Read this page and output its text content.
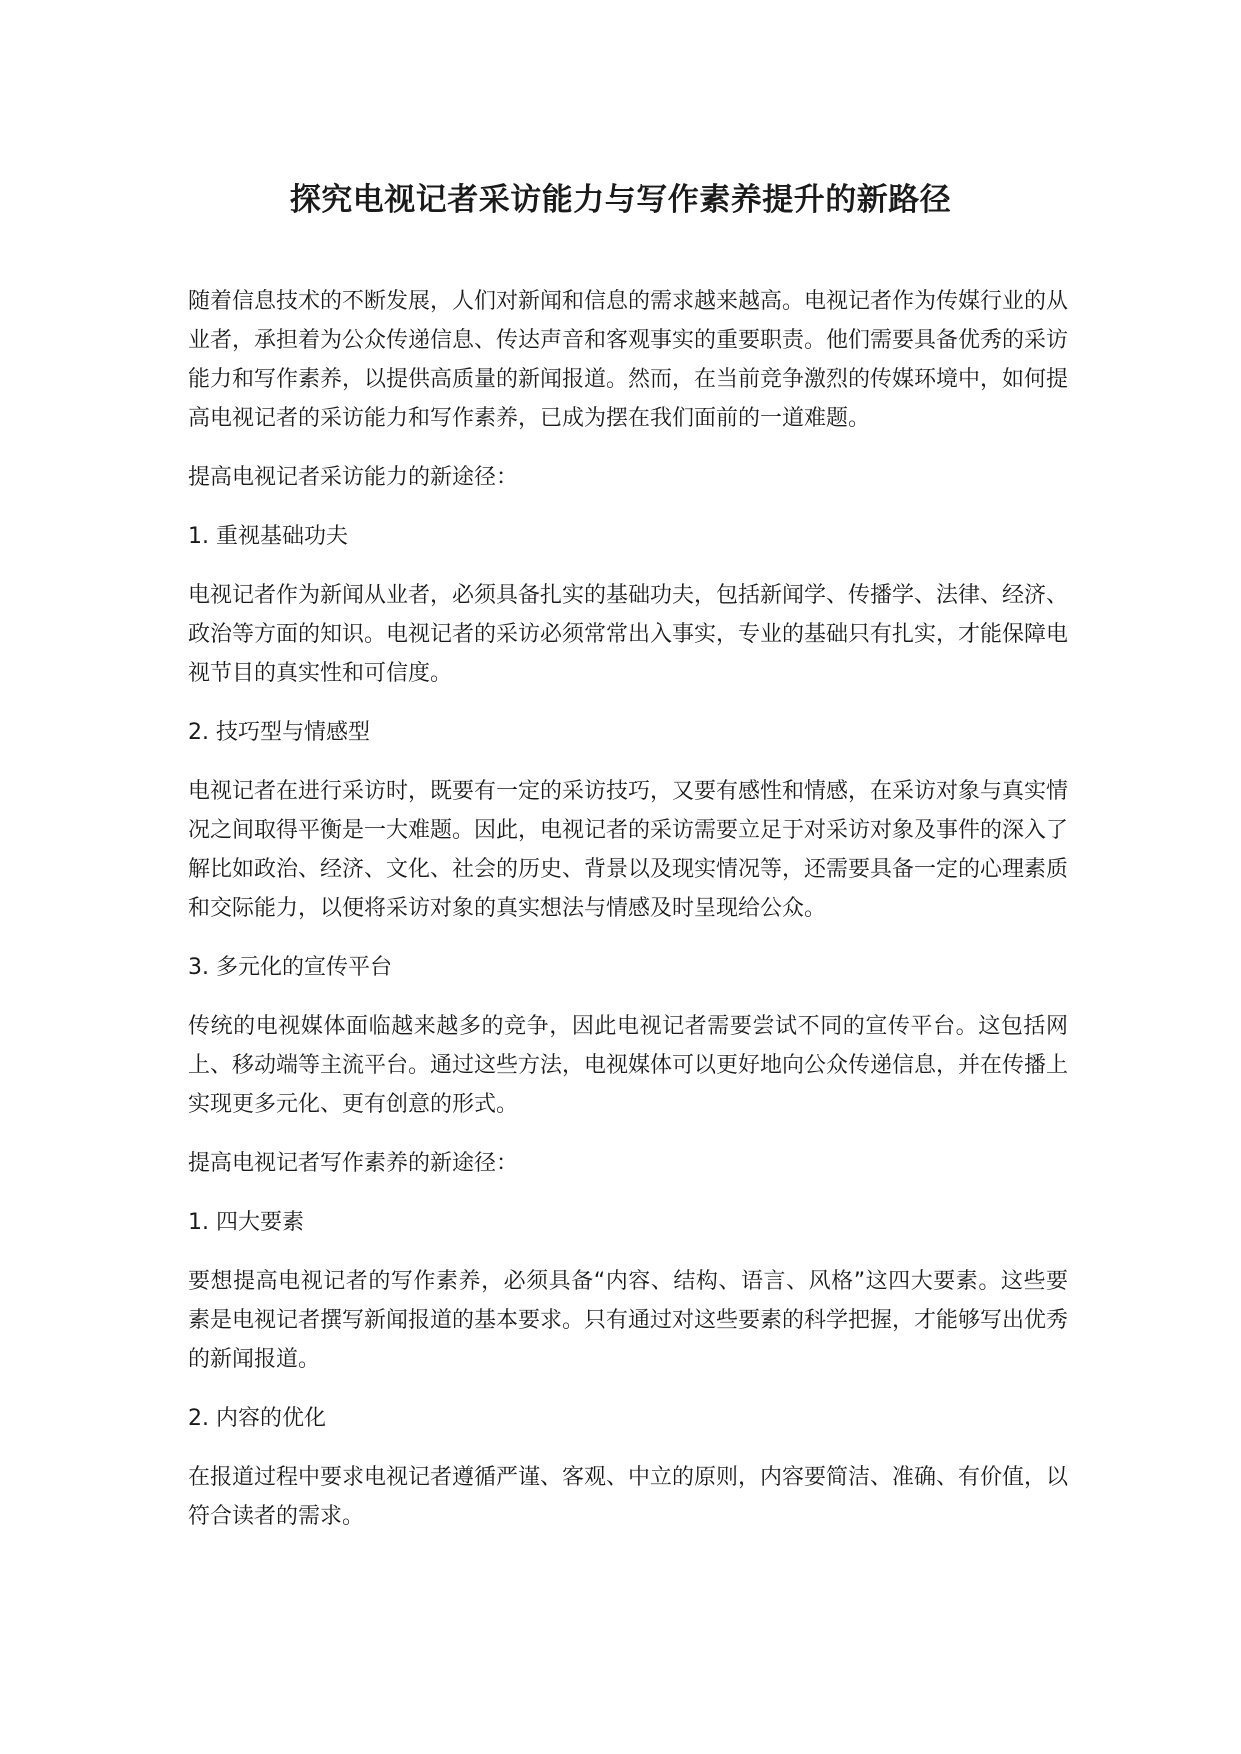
探究电视记者采访能力与写作素养提升的新路径

随着信息技术的不断发展，人们对新闻和信息的需求越来越高。电视记者作为传媒行业的从业者，承担着为公众传递信息、传达声音和客观事实的重要职责。他们需要具备优秀的采访能力和写作素养，以提供高质量的新闻报道。然而，在当前竞争激烈的传媒环境中，如何提高电视记者的采访能力和写作素养，已成为摆在我们面前的一道难题。

提高电视记者采访能力的新途径：

1. 重视基础功夫

电视记者作为新闻从业者，必须具备扎实的基础功夫，包括新闻学、传播学、法律、经济、政治等方面的知识。电视记者的采访必须常常出入事实，专业的基础只有扎实，才能保障电视节目的真实性和可信度。

2. 技巧型与情感型

电视记者在进行采访时，既要有一定的采访技巧，又要有感性和情感，在采访对象与真实情况之间取得平衡是一大难题。因此，电视记者的采访需要立足于对采访对象及事件的深入了解比如政治、经济、文化、社会的历史、背景以及现实情况等，还需要具备一定的心理素质和交际能力，以便将采访对象的真实想法与情感及时呈现给公众。

3. 多元化的宣传平台

传统的电视媒体面临越来越多的竞争，因此电视记者需要尝试不同的宣传平台。这包括网上、移动端等主流平台。通过这些方法，电视媒体可以更好地向公众传递信息，并在传播上实现更多元化、更有创意的形式。

提高电视记者写作素养的新途径：

1. 四大要素

要想提高电视记者的写作素养，必须具备“内容、结构、语言、风格”这四大要素。这些要素是电视记者撰写新闻报道的基本要求。只有通过对这些要素的科学把握，才能够写出优秀的新闻报道。

2. 内容的优化

在报道过程中要求电视记者遵循严谨、客观、中立的原则，内容要简洁、准确、有价值，以符合读者的需求。
